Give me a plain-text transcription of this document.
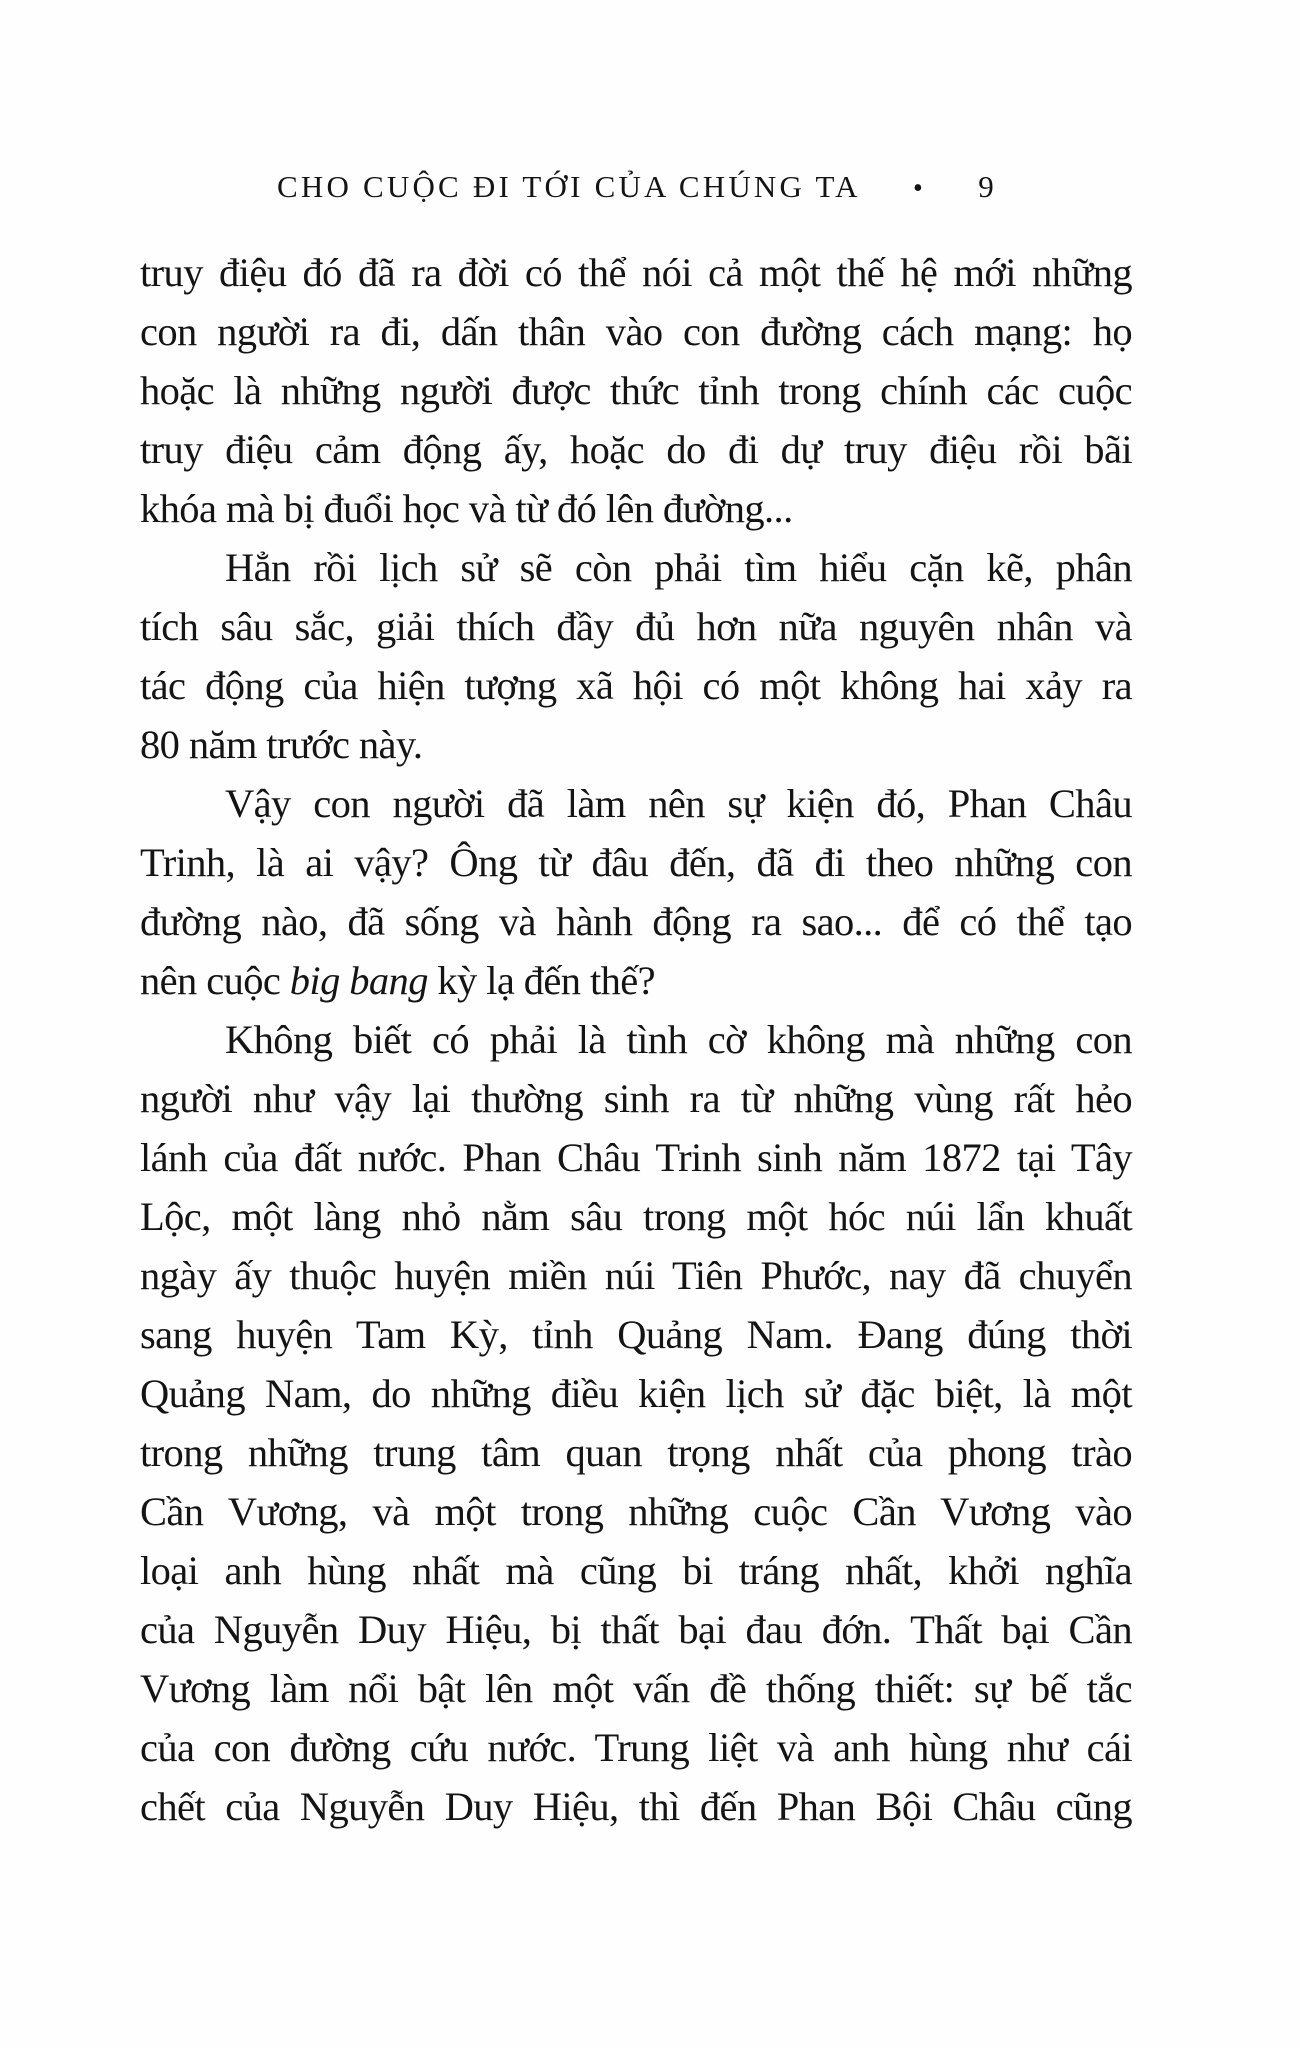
CHO CUỘC ĐI TỚI CỦA CHÚNG TA • 9
truy điệu đó đã ra đời có thể nói cả một thế hệ mới những
con người ra đi, dấn thân vào con đường cách mạng: họ
hoặc là những người được thức tỉnh trong chính các cuộc
truy điệu cảm động ấy, hoặc do đi dự truy điệu rồi bãi
khóa mà bị đuổi học và từ đó lên đường...
Hẳn rồi lịch sử sẽ còn phải tìm hiểu cặn kẽ, phân
tích sâu sắc, giải thích đầy đủ hơn nữa nguyên nhân và
tác động của hiện tượng xã hội có một không hai xảy ra
80 năm trước này.
Vậy con người đã làm nên sự kiện đó, Phan Châu
Trinh, là ai vậy? Ông từ đâu đến, đã đi theo những con
đường nào, đã sống và hành động ra sao... để có thể tạo
nên cuộc big bang kỳ lạ đến thế?
Không biết có phải là tình cờ không mà những con
người như vậy lại thường sinh ra từ những vùng rất hẻo
lánh của đất nước. Phan Châu Trinh sinh năm 1872 tại Tây
Lộc, một làng nhỏ nằm sâu trong một hóc núi lẩn khuất
ngày ấy thuộc huyện miền núi Tiên Phước, nay đã chuyển
sang huyện Tam Kỳ, tỉnh Quảng Nam. Đang đúng thời
Quảng Nam, do những điều kiện lịch sử đặc biệt, là một
trong những trung tâm quan trọng nhất của phong trào
Cần Vương, và một trong những cuộc Cần Vương vào
loại anh hùng nhất mà cũng bi tráng nhất, khởi nghĩa
của Nguyễn Duy Hiệu, bị thất bại đau đớn. Thất bại Cần
Vương làm nổi bật lên một vấn đề thống thiết: sự bế tắc
của con đường cứu nước. Trung liệt và anh hùng như cái
chết của Nguyễn Duy Hiệu, thì đến Phan Bội Châu cũng
